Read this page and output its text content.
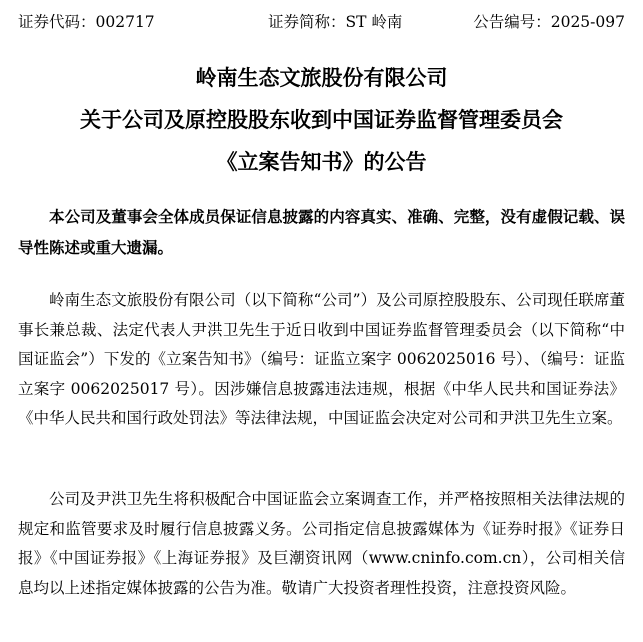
证券代码：002717	证券简称：ST 岭南	公告编号：2025-097
岭南生态文旅股份有限公司
关于公司及原控股股东收到中国证券监督管理委员会
《立案告知书》的公告
本公司及董事会全体成员保证信息披露的内容真实、准确、完整，没有虚假记载、误导性陈述或重大遗漏。
岭南生态文旅股份有限公司（以下简称“公司”）及公司原控股股东、公司现任联席董事长兼总裁、法定代表人尹洪卫先生于近日收到中国证券监督管理委员会（以下简称“中国证监会”）下发的《立案告知书》（编号：证监立案字 0062025016 号）、（编号：证监立案字 0062025017 号）。因涉嫌信息披露违法违规，根据《中华人民共和国证券法》《中华人民共和国行政处罚法》等法律法规，中国证监会决定对公司和尹洪卫先生立案。
公司及尹洪卫先生将积极配合中国证监会立案调查工作，并严格按照相关法律法规的规定和监管要求及时履行信息披露义务。公司指定信息披露媒体为《证券时报》《证券日报》《中国证券报》《上海证券报》及巨潮资讯网（www.cninfo.com.cn），公司相关信息均以上述指定媒体披露的公告为准。敬请广大投资者理性投资，注意投资风险。
